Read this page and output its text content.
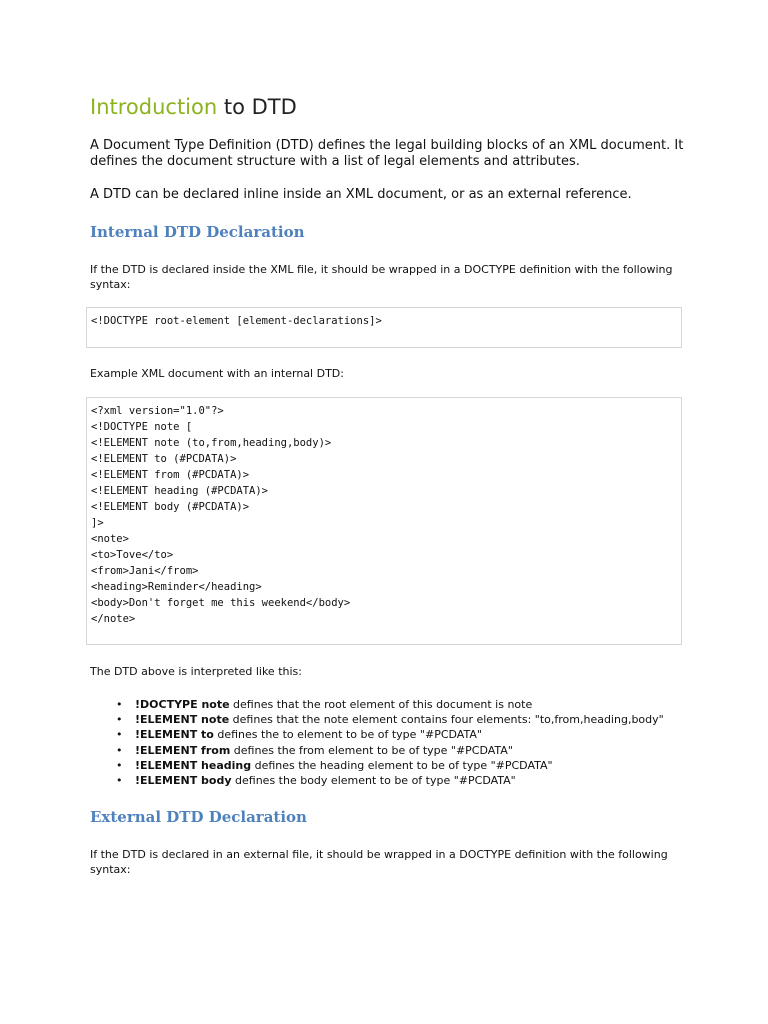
Introduction to DTD

A Document Type Definition (DTD) defines the legal building blocks of an XML document. It defines the document structure with a list of legal elements and attributes.

A DTD can be declared inline inside an XML document, or as an external reference.

Internal DTD Declaration

If the DTD is declared inside the XML file, it should be wrapped in a DOCTYPE definition with the following syntax:

<!DOCTYPE root-element [element-declarations]>

Example XML document with an internal DTD:

<?xml version="1.0"?>
<!DOCTYPE note [
<!ELEMENT note (to,from,heading,body)>
<!ELEMENT to (#PCDATA)>
<!ELEMENT from (#PCDATA)>
<!ELEMENT heading (#PCDATA)>
<!ELEMENT body (#PCDATA)>
]>
<note>
<to>Tove</to>
<from>Jani</from>
<heading>Reminder</heading>
<body>Don't forget me this weekend</body>
</note>

The DTD above is interpreted like this:

• !DOCTYPE note defines that the root element of this document is note
• !ELEMENT note defines that the note element contains four elements: "to,from,heading,body"
• !ELEMENT to defines the to element to be of type "#PCDATA"
• !ELEMENT from defines the from element to be of type "#PCDATA"
• !ELEMENT heading defines the heading element to be of type "#PCDATA"
• !ELEMENT body defines the body element to be of type "#PCDATA"
External DTD Declaration

If the DTD is declared in an external file, it should be wrapped in a DOCTYPE definition with the following syntax:
